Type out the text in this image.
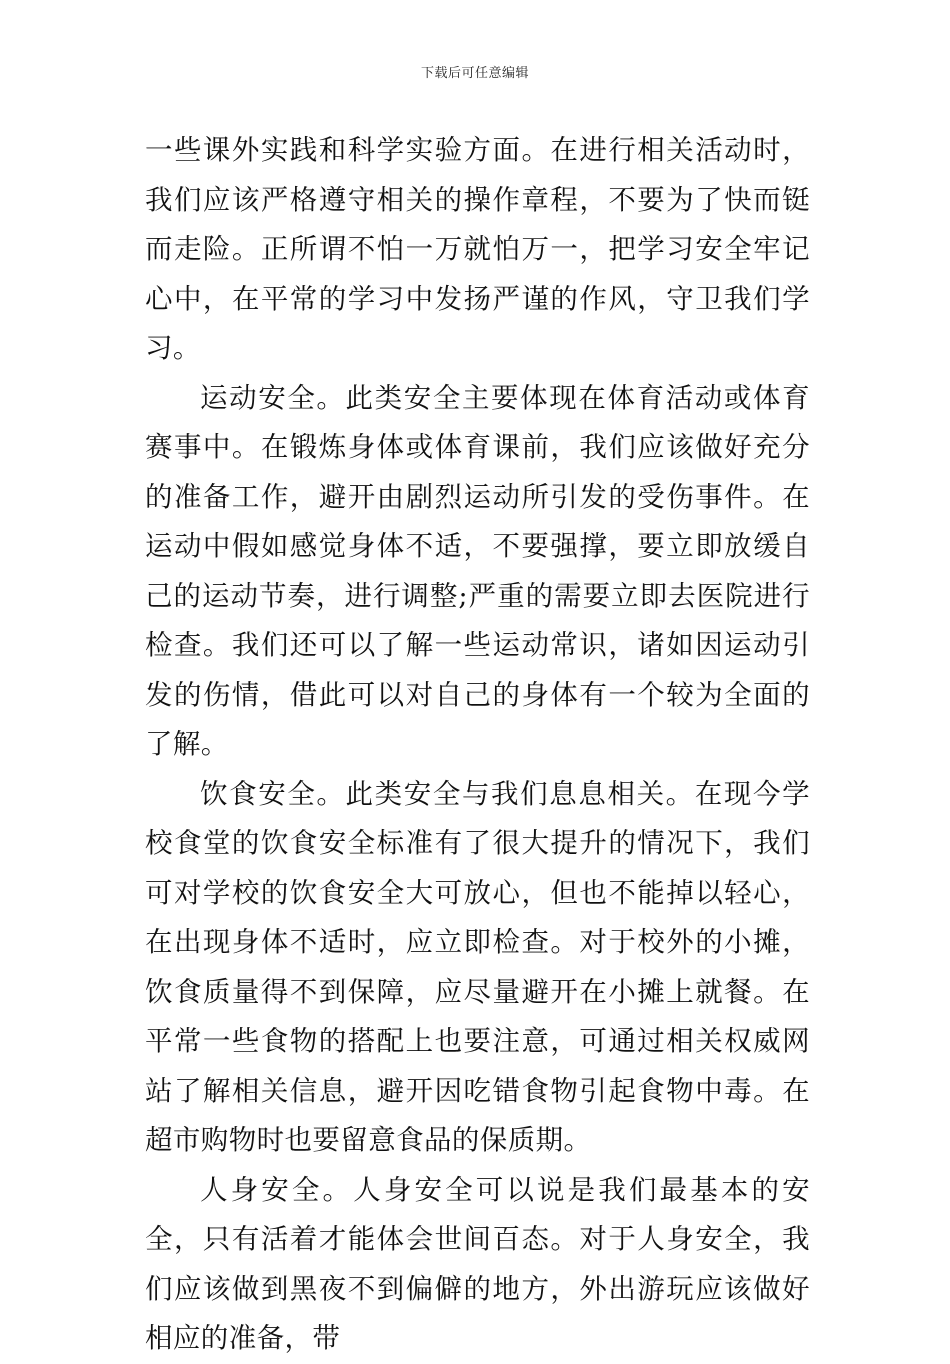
下载后可任意编辑

一些课外实践和科学实验方面。在进行相关活动时，我们应该严格遵守相关的操作章程，不要为了快而铤而走险。正所谓不怕一万就怕万一，把学习安全牢记心中，在平常的学习中发扬严谨的作风，守卫我们学习。

运动安全。此类安全主要体现在体育活动或体育赛事中。在锻炼身体或体育课前，我们应该做好充分的准备工作，避开由剧烈运动所引发的受伤事件。在运动中假如感觉身体不适，不要强撑，要立即放缓自己的运动节奏，进行调整;严重的需要立即去医院进行检查。我们还可以了解一些运动常识，诸如因运动引发的伤情，借此可以对自己的身体有一个较为全面的了解。

饮食安全。此类安全与我们息息相关。在现今学校食堂的饮食安全标准有了很大提升的情况下，我们可对学校的饮食安全大可放心，但也不能掉以轻心，在出现身体不适时，应立即检查。对于校外的小摊，饮食质量得不到保障，应尽量避开在小摊上就餐。在平常一些食物的搭配上也要注意，可通过相关权威网站了解相关信息，避开因吃错食物引起食物中毒。在超市购物时也要留意食品的保质期。

人身安全。人身安全可以说是我们最基本的安全，只有活着才能体会世间百态。对于人身安全，我们应该做到黑夜不到偏僻的地方，外出游玩应该做好相应的准备，带
